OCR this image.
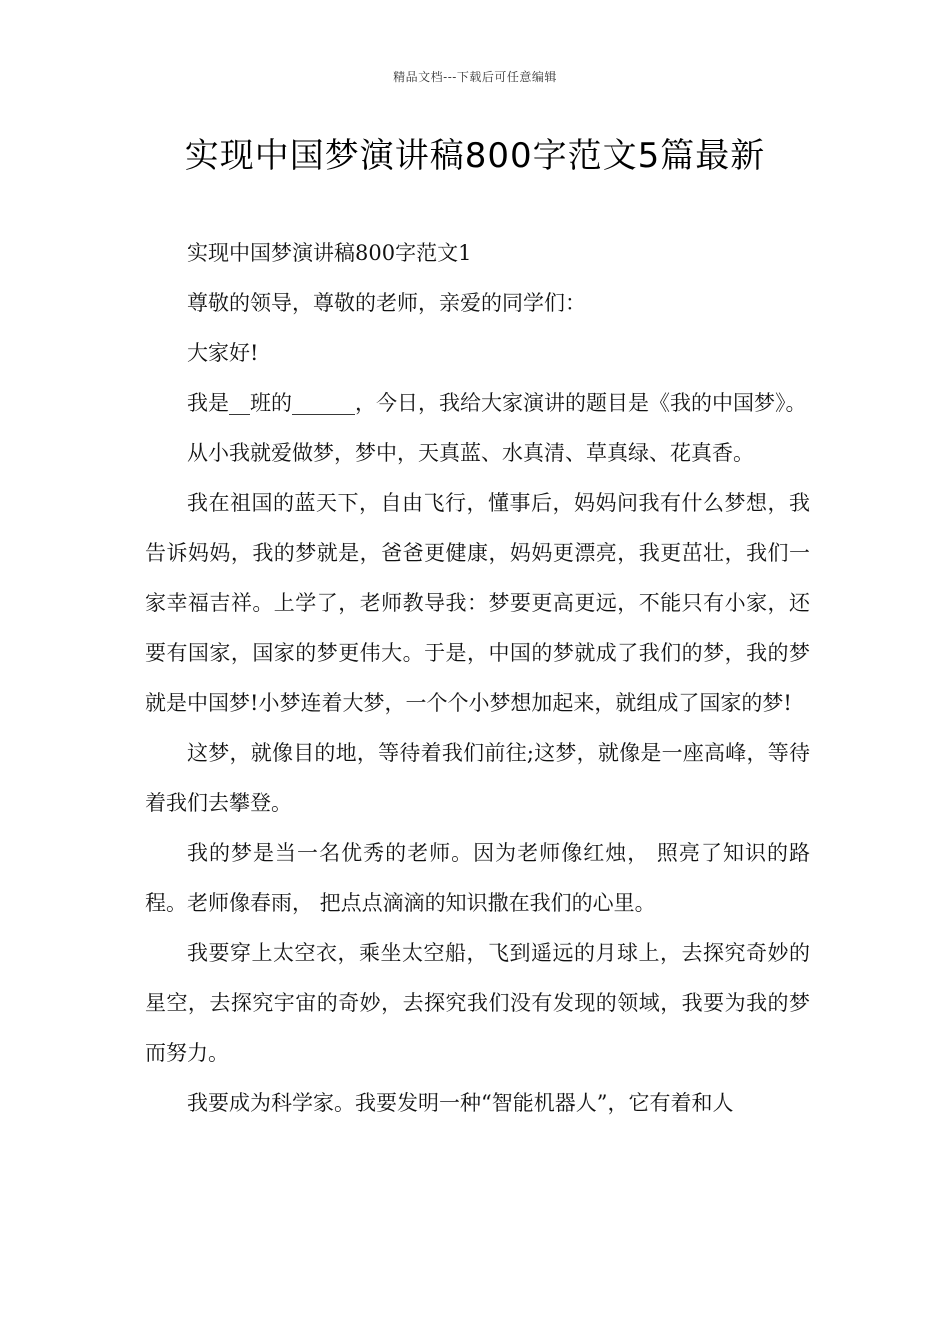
精品文档---下载后可任意编辑
实现中国梦演讲稿800字范文5篇最新

实现中国梦演讲稿800字范文1

尊敬的领导，尊敬的老师，亲爱的同学们：

大家好!

我是__班的______，今日，我给大家演讲的题目是《我的中国梦》。

从小我就爱做梦，梦中，天真蓝、水真清、草真绿、花真香。

我在祖国的蓝天下，自由飞行，懂事后，妈妈问我有什么梦想，我告诉妈妈，我的梦就是，爸爸更健康，妈妈更漂亮，我更茁壮，我们一家幸福吉祥。上学了，老师教导我：梦要更高更远，不能只有小家，还要有国家，国家的梦更伟大。于是，中国的梦就成了我们的梦，我的梦就是中国梦!小梦连着大梦，一个个小梦想加起来，就组成了国家的梦!

这梦，就像目的地，等待着我们前往;这梦，就像是一座高峰，等待着我们去攀登。

我的梦是当一名优秀的老师。因为老师像红烛， 照亮了知识的路程。老师像春雨， 把点点滴滴的知识撒在我们的心里。

我要穿上太空衣，乘坐太空船，飞到遥远的月球上，去探究奇妙的星空，去探究宇宙的奇妙，去探究我们没有发现的领域，我要为我的梦而努力。

我要成为科学家。我要发明一种“智能机器人”，它有着和人
